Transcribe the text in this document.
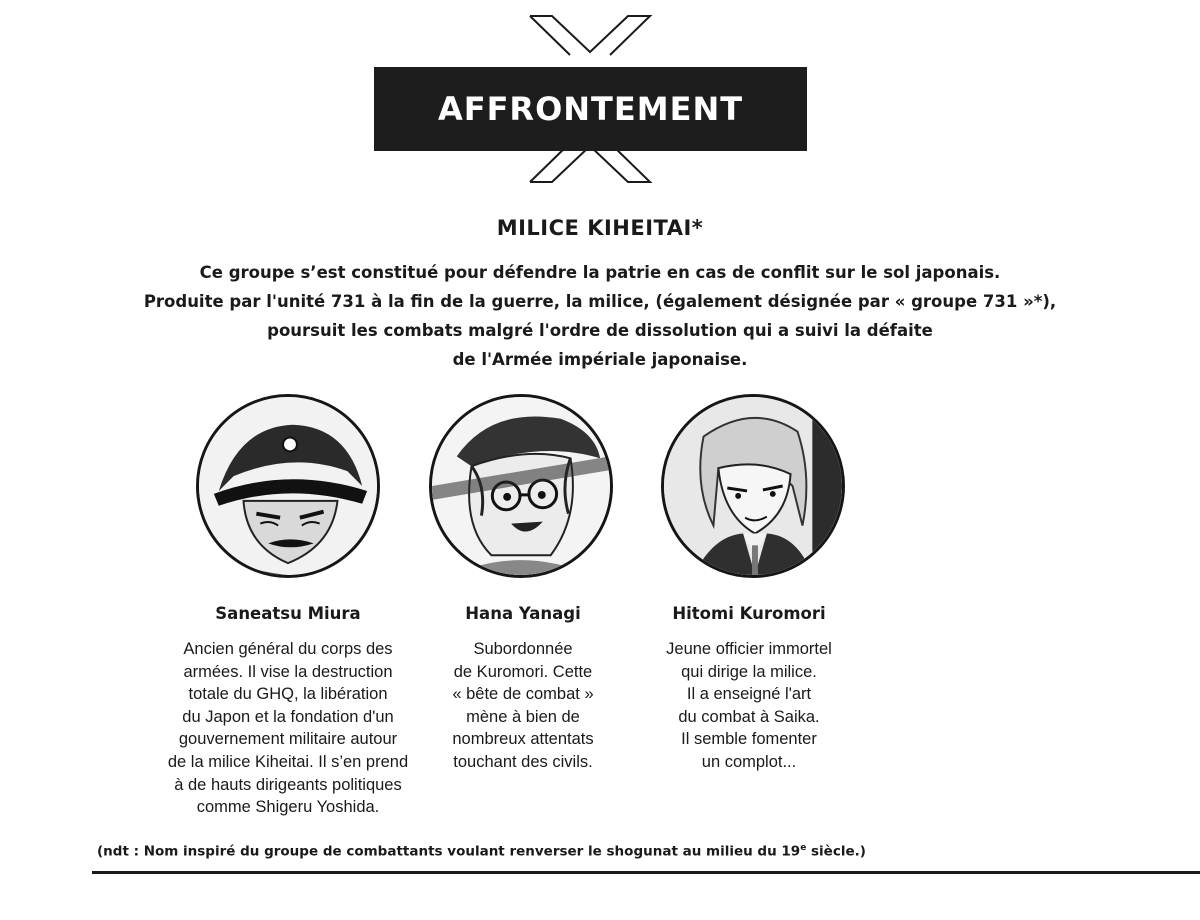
AFFRONTEMENT
MILICE KIHEITAI*
Ce groupe s’est constitué pour défendre la patrie en cas de conflit sur le sol japonais.
Produite par l'unité 731 à la fin de la guerre, la milice, (également désignée par « groupe 731 »*),
poursuit les combats malgré l'ordre de dissolution qui a suivi la défaite
de l'Armée impériale japonaise.
Saneatsu Miura	Hana Yanagi	Hitomi Kuromori
Ancien général du corps des
armées. Il vise la destruction
totale du GHQ, la libération
du Japon et la fondation d'un
gouvernement militaire autour
de la milice Kiheitai. Il s’en prend
à de hauts dirigeants politiques
comme Shigeru Yoshida.
Subordonnée
de Kuromori. Cette
« bête de combat »
mène à bien de
nombreux attentats
touchant des civils.
Jeune officier immortel
qui dirige la milice.
Il a enseigné l'art
du combat à Saika.
Il semble fomenter
un complot...
(ndt : Nom inspiré du groupe de combattants voulant renverser le shogunat au milieu du 19e siècle.)
